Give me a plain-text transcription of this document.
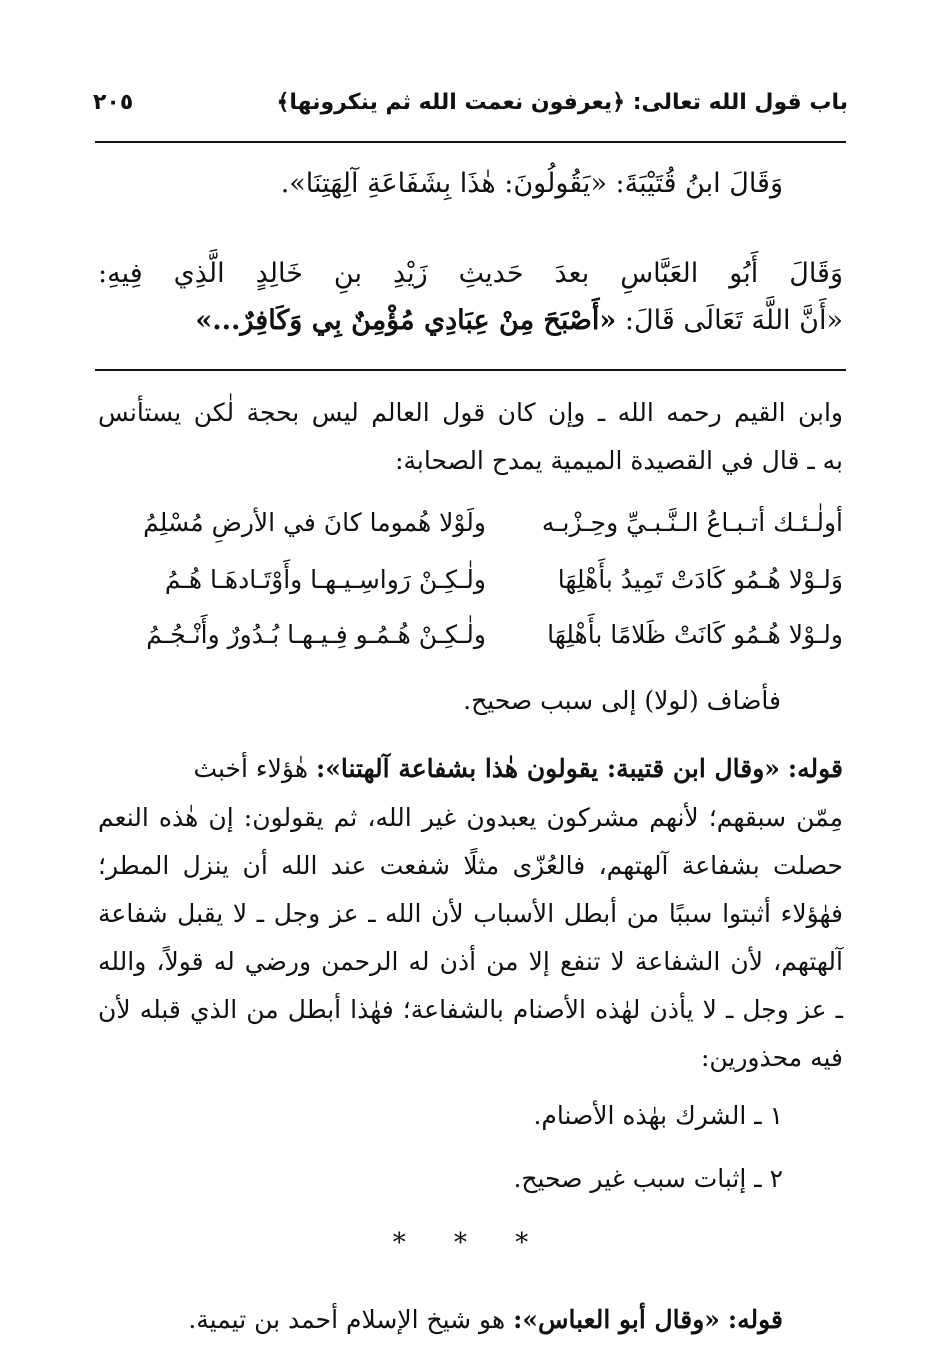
باب قول الله تعالى: ﴿يعرفون نعمت الله ثم ينكرونها﴾
٢٠٥
وَقَالَ ابنُ قُتَيْبَةَ: «يَقُولُونَ: هٰذَا بِشَفَاعَةِ آلِهَتِنَا».
وَقَالَ أَبُو العَبَّاسِ بعدَ حَديثِ زَيْدِ بنِ خَالِدٍ الَّذِي فِيهِ:
«أَنَّ اللَّهَ تَعَالَى قَالَ: «أَصْبَحَ مِنْ عِبَادِي مُؤْمِنٌ بِي وَكَافِرٌ...»
وابن القيم رحمه الله ـ وإن كان قول العالم ليس بحجة لٰكن يستأنس
به ـ قال في القصيدة الميمية يمدح الصحابة:
أولٰـئـك أتـبـاعُ الـنَّـبـيِّ وحِـزْبـه
ولَوْلا هُموما كانَ في الأرضِ مُسْلِمُ
وَلـوْلا هُـمُو كَادَتْ تَمِيدُ بأَهْلِهَا
ولٰـكِـنْ رَواسِـيـهـا وأَوْتَـادهَـا هُـمُ
ولـوْلا هُـمُو كَانَتْ ظَلامًا بأَهْلِهَا
ولٰـكِـنْ هُـمُـو فِـيـهـا بُـدُورٌ وأَنْـجُـمُ
فأضاف (لولا) إلى سبب صحيح.
قوله: «وقال ابن قتيبة: يقولون هٰذا بشفاعة آلهتنا»: هٰؤلاء أخبث
مِمّن سبقهم؛ لأنهم مشركون يعبدون غير الله، ثم يقولون: إن هٰذه النعم
حصلت بشفاعة آلهتهم، فالعُزّى مثلًا شفعت عند الله أن ينزل المطر؛
فهٰؤلاء أثبتوا سببًا من أبطل الأسباب لأن الله ـ عز وجل ـ لا يقبل شفاعة
آلهتهم، لأن الشفاعة لا تنفع إلا من أذن له الرحمن ورضي له قولاً، والله
ـ عز وجل ـ لا يأذن لهٰذه الأصنام بالشفاعة؛ فهٰذا أبطل من الذي قبله لأن
فيه محذورين:
١ ـ الشرك بهٰذه الأصنام.
٢ ـ إثبات سبب غير صحيح.
* * *
قوله: «وقال أبو العباس»: هو شيخ الإسلام أحمد بن تيمية.
